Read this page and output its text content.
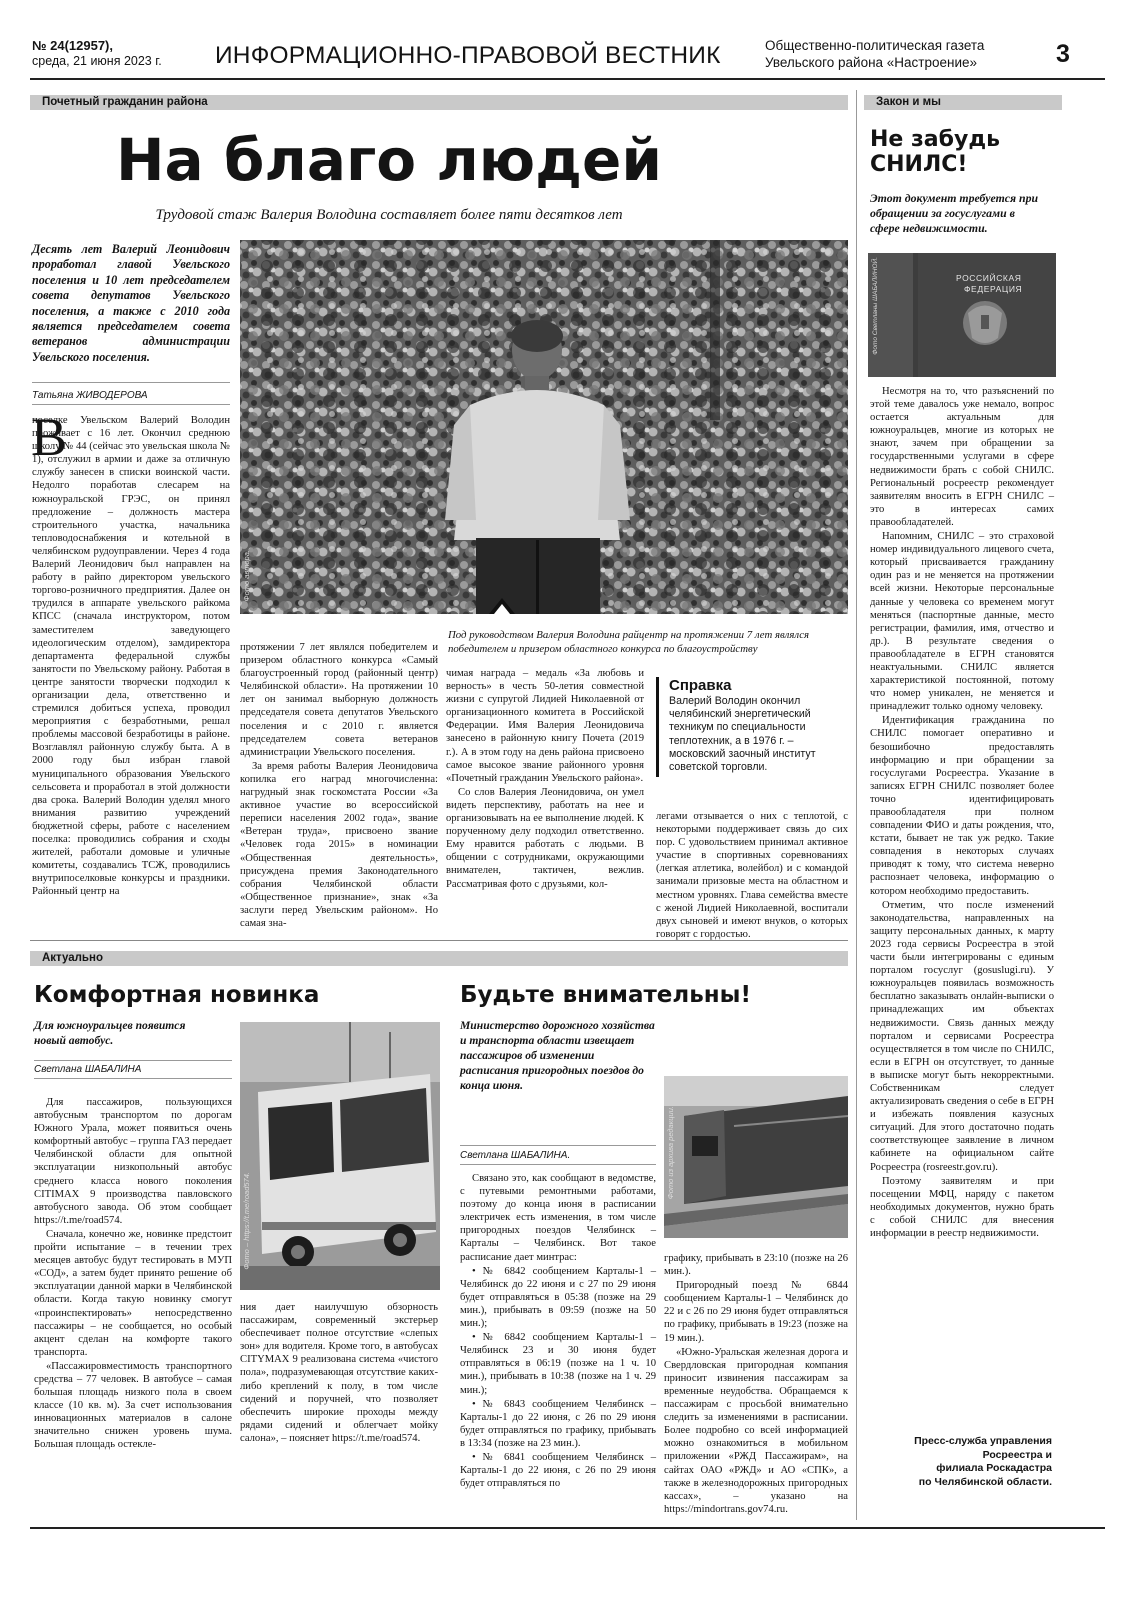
№ 24(12957),
среда, 21 июня 2023 г. ИНФОРМАЦИОННО-ПРАВОВОЙ ВЕСТНИК	Общественно-политическая газета
Увельского района «Настроение»	3
Почетный гражданин района
На благо людей
Трудовой стаж Валерия Володина составляет более пяти десятков лет
Десять лет Валерий Леонидович проработал главой Увельского поселения и 10 лет председателем совета депутатов Увельского поселения, а также с 2010 года является председателем совета ветеранов администрации Увельского поселения.
Татьяна ЖИВОДЕРОВА
Фото автора.
Под руководством Валерия Володина райцентр на протяжении 7 лет являлся победителем и призером областного конкурса по благоустройству
В

поселке Увельском Валерий Володин проживает с 16 лет. Окончил среднюю школу № 44 (сейчас это увельская школа № 1), отслужил в армии и даже за отличную службу занесен в списки воинской части. Недолго поработав слесарем на южноуральской ГРЭС, он принял предложение – должность мастера строительного участка, начальника тепловодоснабжения и котельной в челябинском рудоуправлении. Через 4 года Валерий Леонидович был направлен на работу в райпо директором увельского торгово-розничного предприятия. Далее он трудился в аппарате увельского райкома КПСС (сначала инструктором, потом заместителем заведующего идеологическим отделом), замдиректора департамента федеральной службы занятости по Увельскому району. Работая в центре занятости творчески подходил к организации дела, ответственно и стремился добиться успеха, проводил мероприятия с безработными, решал проблемы массовой безработицы в районе. Возглавлял районную службу быта. А в 2000 году был избран главой муниципального образования Увельского сельсовета и проработал в этой должности два срока. Валерий Володин уделял много внимания развитию учреждений бюджетной сферы, работе с населением поселка: проводились собрания и сходы жителей, работали домовые и уличные комитеты, создавались ТСЖ, проводились внутрипоселковые конкурсы и праздники. Районный центр на

протяжении 7 лет являлся победителем и призером областного конкурса «Самый благоустроенный город (районный центр) Челябинской области». На протяжении 10 лет он занимал выборную должность председателя совета депутатов Увельского поселения и с 2010 г. является председателем совета ветеранов администрации Увельского поселения.

За время работы Валерия Леонидовича копилка его наград многочисленна: нагрудный знак госкомстата России «За активное участие во всероссийской переписи населения 2002 года», звание «Ветеран труда», присвоено звание «Человек года 2015» в номинации «Общественная деятельность», присуждена премия Законодательного собрания Челябинской области «Общественное признание», знак «За заслуги перед Увельским районом». Но самая зна-

чимая награда – медаль «За любовь и верность» в честь 50-летия совместной жизни с супругой Лидией Николаевной от организационного комитета в Российской Федерации. Имя Валерия Леонидовича занесено в районную книгу Почета (2019 г.). А в этом году на день района присвоено самое высокое звание районного уровня «Почетный гражданин Увельского района».

Со слов Валерия Леонидовича, он умел видеть перспективу, работать на нее и организовывать на ее выполнение людей. К порученному делу подходил ответственно. Ему нравится работать с людьми. В общении с сотрудниками, окружающими внимателен, тактичен, вежлив. Рассматривая фото с друзьями, кол-

Справка
Валерий Володин окончил челябинский энергетический техникум по специальности теплотехник, а в 1976 г. – московский заочный институт советской торговли.

легами отзывается о них с теплотой, с некоторыми поддерживает связь до сих пор. С удовольствием принимал активное участие в спортивных соревнованиях (легкая атлетика, волейбол) и с командой занимали призовые места на областном и местном уровнях. Глава семейства вместе с женой Лидией Николаевной, воспитали двух сыновей и имеют внуков, о которых говорят с гордостью.

Закон и мы
Не забудь
СНИЛС!
Этот документ требуется при обращении за госуслугами в сфере недвижимости.
РОССИЙСКАЯ
ФЕДЕРАЦИЯ
Фото Светланы ШАБАЛИНОЙ.

Несмотря на то, что разъяснений по этой теме давалось уже немало, вопрос остается актуальным для южноуральцев, многие из которых не знают, зачем при обращении за государственными услугами в сфере недвижимости брать с собой СНИЛС. Региональный росреестр рекомендует заявителям вносить в ЕГРН СНИЛС – это в интересах самих правообладателей.

Напомним, СНИЛС – это страховой номер индивидуального лицевого счета, который присваивается гражданину один раз и не меняется на протяжении всей жизни. Некоторые персональные данные у человека со временем могут меняться (паспортные данные, место регистрации, фамилия, имя, отчество и др.). В результате сведения о правообладателе в ЕГРН становятся неактуальными. СНИЛС является характеристикой постоянной, потому что номер уникален, не меняется и принадлежит только одному человеку.

Идентификация гражданина по СНИЛС помогает оперативно и безошибочно предоставлять информацию и при обращении за госуслугами Росреестра. Указание в записях ЕГРН СНИЛС позволяет более точно идентифицировать правообладателя при полном совпадении ФИО и даты рождения, что, кстати, бывает не так уж редко. Такие совпадения в некоторых случаях приводят к тому, что система неверно распознает человека, информацию о котором необходимо предоставить.

Отметим, что после изменений законодательства, направленных на защиту персональных данных, к марту 2023 года сервисы Росреестра в этой части были интегрированы с единым порталом госуслуг (gosuslugi.ru). У южноуральцев появилась возможность бесплатно заказывать онлайн-выписки о принадлежащих им объектах недвижимости. Связь данных между порталом и сервисами Росреестра осуществляется в том числе по СНИЛС, если в ЕГРН он отсутствует, то данные в выписке могут быть некорректными. Собственникам следует актуализировать сведения о себе в ЕГРН и избежать появления казусных ситуаций. Для этого достаточно подать соответствующее заявление в личном кабинете на официальном сайте Росреестра (rosreestr.gov.ru).

Поэтому заявителям и при посещении МФЦ, наряду с пакетом необходимых документов, нужно брать с собой СНИЛС для внесения информации в реестр недвижимости.

Пресс-служба управления Росреестра и
филиала Роскадастра
по Челябинской области.
Актуально
Комфортная новинка
Для южноуральцев появится новый автобус.
Светлана ШАБАЛИНА
Фото – https://t.me/road574.

Для пассажиров, пользующихся автобусным транспортом по дорогам Южного Урала, может появиться очень комфортный автобус – группа ГАЗ передает Челябинской области для опытной эксплуатации низкопольный автобус среднего класса нового поколения CITIMAX 9 производства павловского автобусного завода. Об этом сообщает https://t.me/road574.

Сначала, конечно же, новинке предстоит пройти испытание – в течении трех месяцев автобус будут тестировать в МУП «СОД», а затем будет принято решение об эксплуатации данной марки в Челябинской области. Когда такую новинку смогут «проинспектировать» непосредственно пассажиры – не сообщается, но особый акцент сделан на комфорте такого транспорта.

«Пассажировместимость транспортного средства – 77 человек. В автобусе – самая большая площадь низкого пола в своем классе (10 кв. м). За счет использования инновационных материалов в салоне значительно снижен уровень шума. Большая площадь остекле-

ния дает наилучшую обзорность пассажирам, современный экстерьер обеспечивает полное отсутствие «слепых зон» для водителя. Кроме того, в автобусах CITYMAX 9 реализована система «чистого пола», подразумевающая отсутствие каких-либо креплений к полу, в том числе сидений и поручней, что позволяет обеспечить широкие проходы между рядами сидений и облегчает мойку салона», – поясняет https://t.me/road574.

Будьте внимательны!
Министерство дорожного хозяйства и транспорта области извещает пассажиров об изменении расписания пригородных поездов до конца июня.
Светлана ШАБАЛИНА.	Фото из архива редакции.

Связано это, как сообщают в ведомстве, с путевыми ремонтными работами, поэтому до конца июня в расписании электричек есть изменения, в том числе пригородных поездов Челябинск – Карталы – Челябинск. Вот такое расписание дает минтрас:

• № 6842 сообщением Карталы-1 – Челябинск до 22 июня и с 27 по 29 июня будет отправляться в 05:38 (позже на 29 мин.), прибывать в 09:59 (позже на 50 мин.);

• № 6842 сообщением Карталы-1 – Челябинск 23 и 30 июня будет отправляться в 06:19 (позже на 1 ч. 10 мин.), прибывать в 10:38 (позже на 1 ч. 29 мин.);

• № 6843 сообщением Челябинск – Карталы-1 до 22 июня, с 26 по 29 июня будет отправляться по графику, прибывать в 13:34 (позже на 23 мин.).

• № 6841 сообщением Челябинск – Карталы-1 до 22 июня, с 26 по 29 июня будет отправляться по

графику, прибывать в 23:10 (позже на 26 мин.).

Пригородный поезд № 6844 сообщением Карталы-1 – Челябинск до 22 и с 26 по 29 июня будет отправляться по графику, прибывать в 19:23 (позже на 19 мин.).

«Южно-Уральская железная дорога и Свердловская пригородная компания приносит извинения пассажирам за временные неудобства. Обращаемся к пассажирам с просьбой внимательно следить за изменениями в расписании. Более подробно со всей информацией можно ознакомиться в мобильном приложении «РЖД Пассажирам», на сайтах ОАО «РЖД» и АО «СПК», а также в железнодорожных пригородных кассах», – указано на https://mindortrans.gov74.ru.
